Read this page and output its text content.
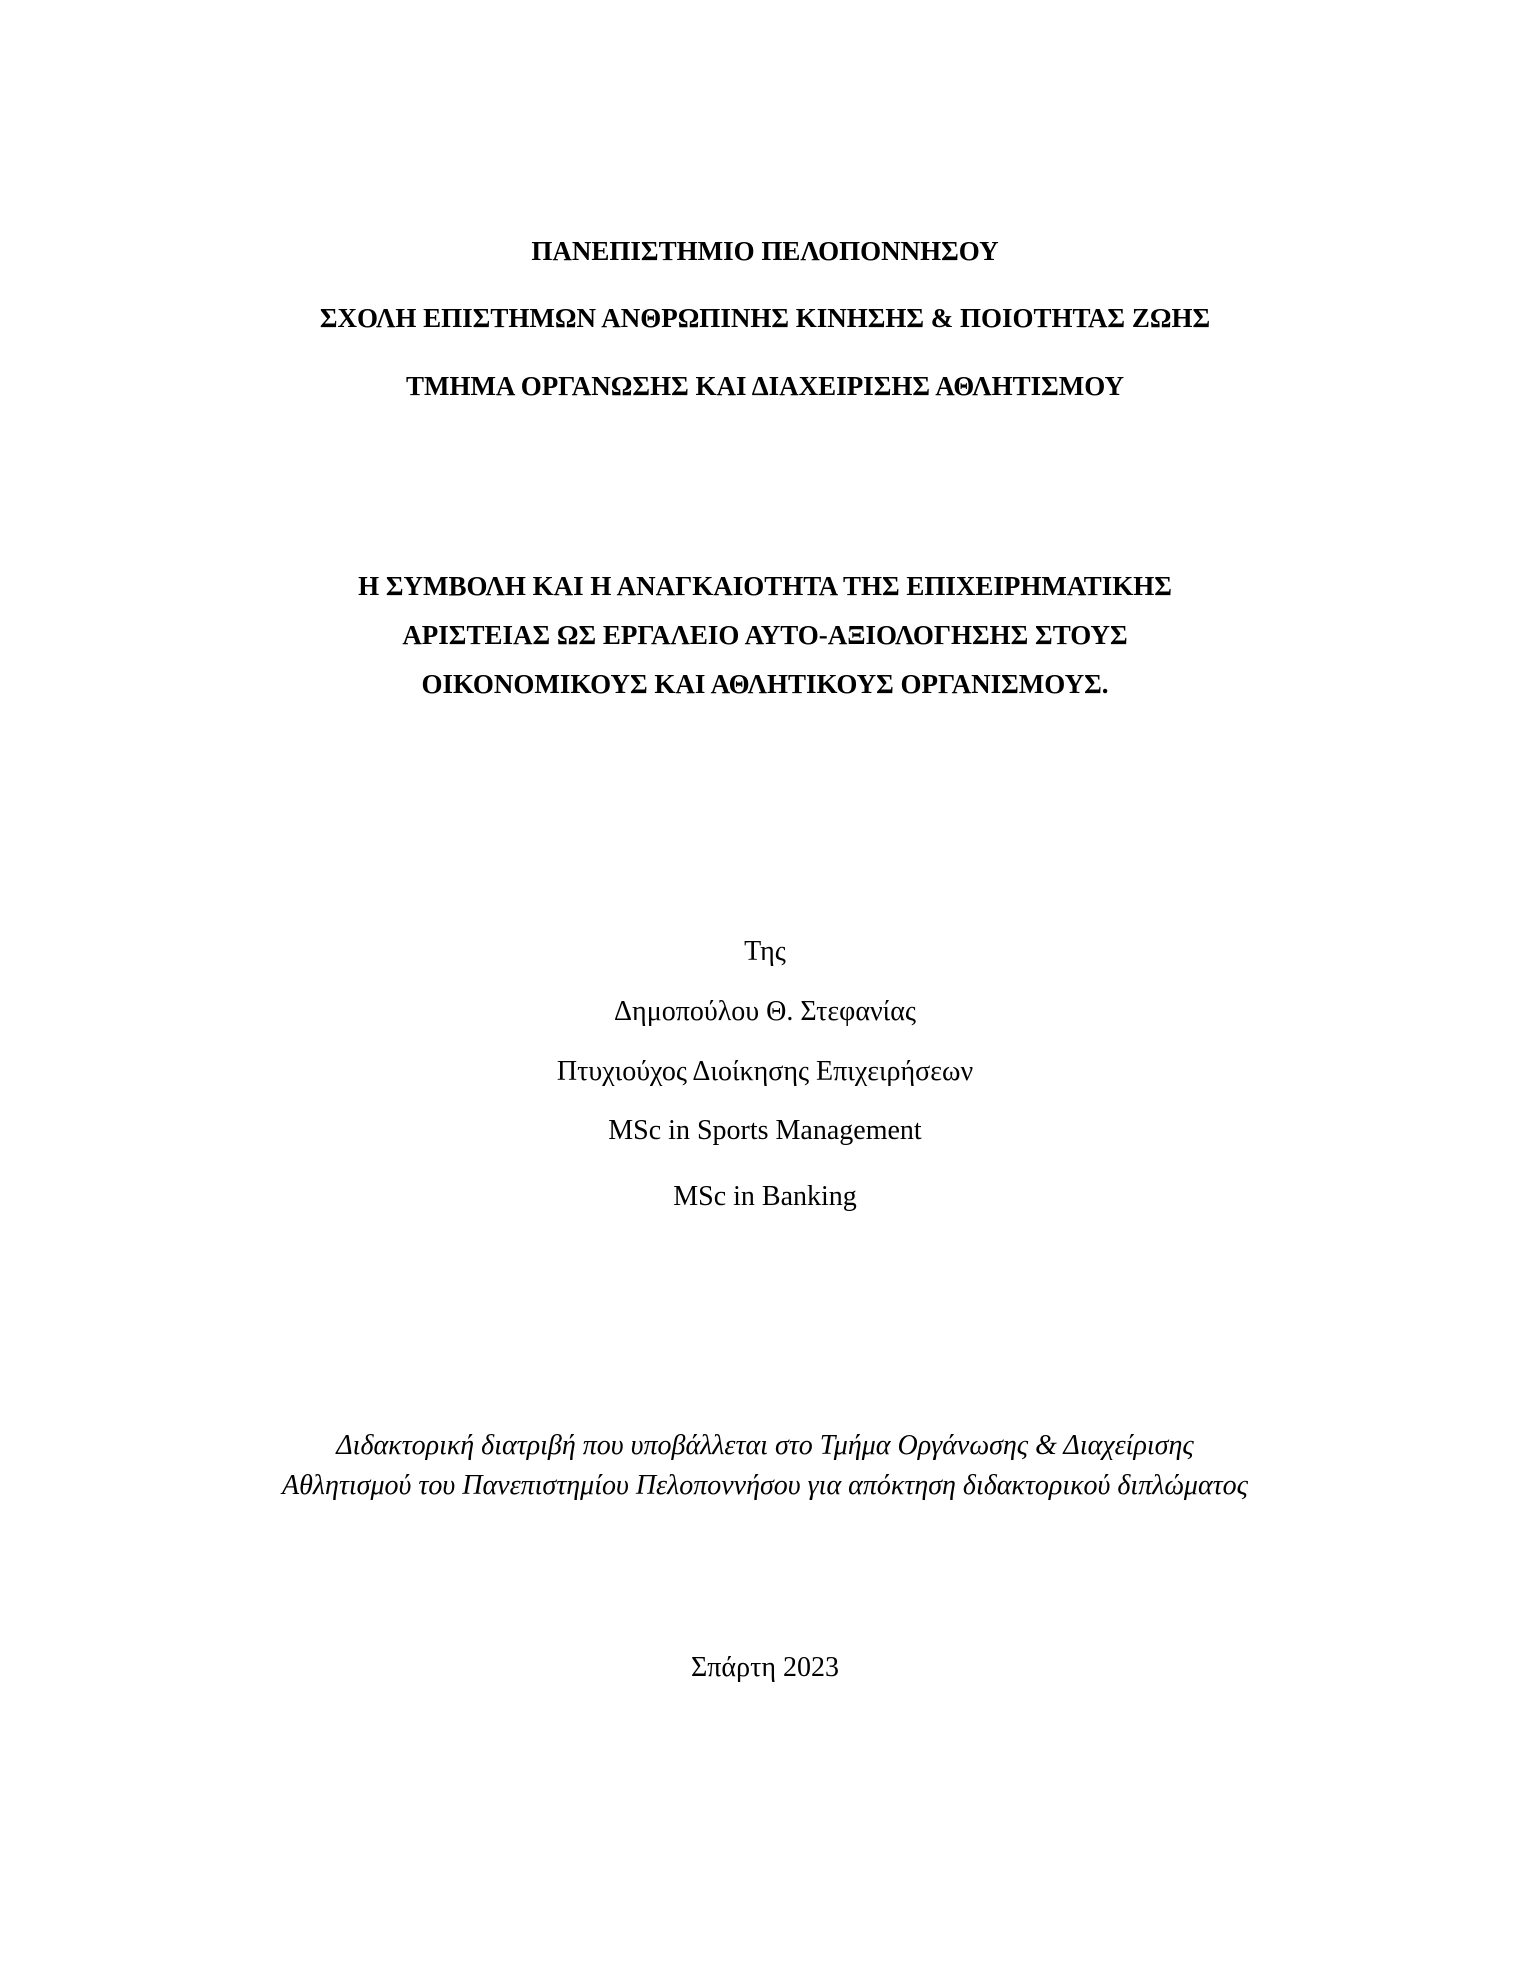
ΠΑΝΕΠΙΣΤΗΜΙΟ ΠΕΛΟΠΟΝΝΗΣΟΥ
ΣΧΟΛΗ ΕΠΙΣΤΗΜΩΝ ΑΝΘΡΩΠΙΝΗΣ ΚΙΝΗΣΗΣ & ΠΟΙΟΤΗΤΑΣ ΖΩΗΣ
ΤΜΗΜΑ ΟΡΓΑΝΩΣΗΣ ΚΑΙ ΔΙΑΧΕΙΡΙΣΗΣ ΑΘΛΗΤΙΣΜΟΥ
Η ΣΥΜΒΟΛΗ ΚΑΙ Η ΑΝΑΓΚΑΙΟΤΗΤΑ ΤΗΣ ΕΠΙΧΕΙΡΗΜΑΤΙΚΗΣ
ΑΡΙΣΤΕΙΑΣ ΩΣ ΕΡΓΑΛΕΙΟ ΑΥΤΟ-ΑΞΙΟΛΟΓΗΣΗΣ ΣΤΟΥΣ
ΟΙΚΟΝΟΜΙΚΟΥΣ ΚΑΙ ΑΘΛΗΤΙΚΟΥΣ ΟΡΓΑΝΙΣΜΟΥΣ.
Της
Δημοπούλου Θ. Στεφανίας
Πτυχιούχος Διοίκησης Επιχειρήσεων
MSc in Sports Management
MSc in Banking
Διδακτορική διατριβή που υποβάλλεται στο Τμήμα Οργάνωσης & Διαχείρισης
Αθλητισμού του Πανεπιστημίου Πελοποννήσου για απόκτηση διδακτορικού διπλώματος
Σπάρτη 2023
